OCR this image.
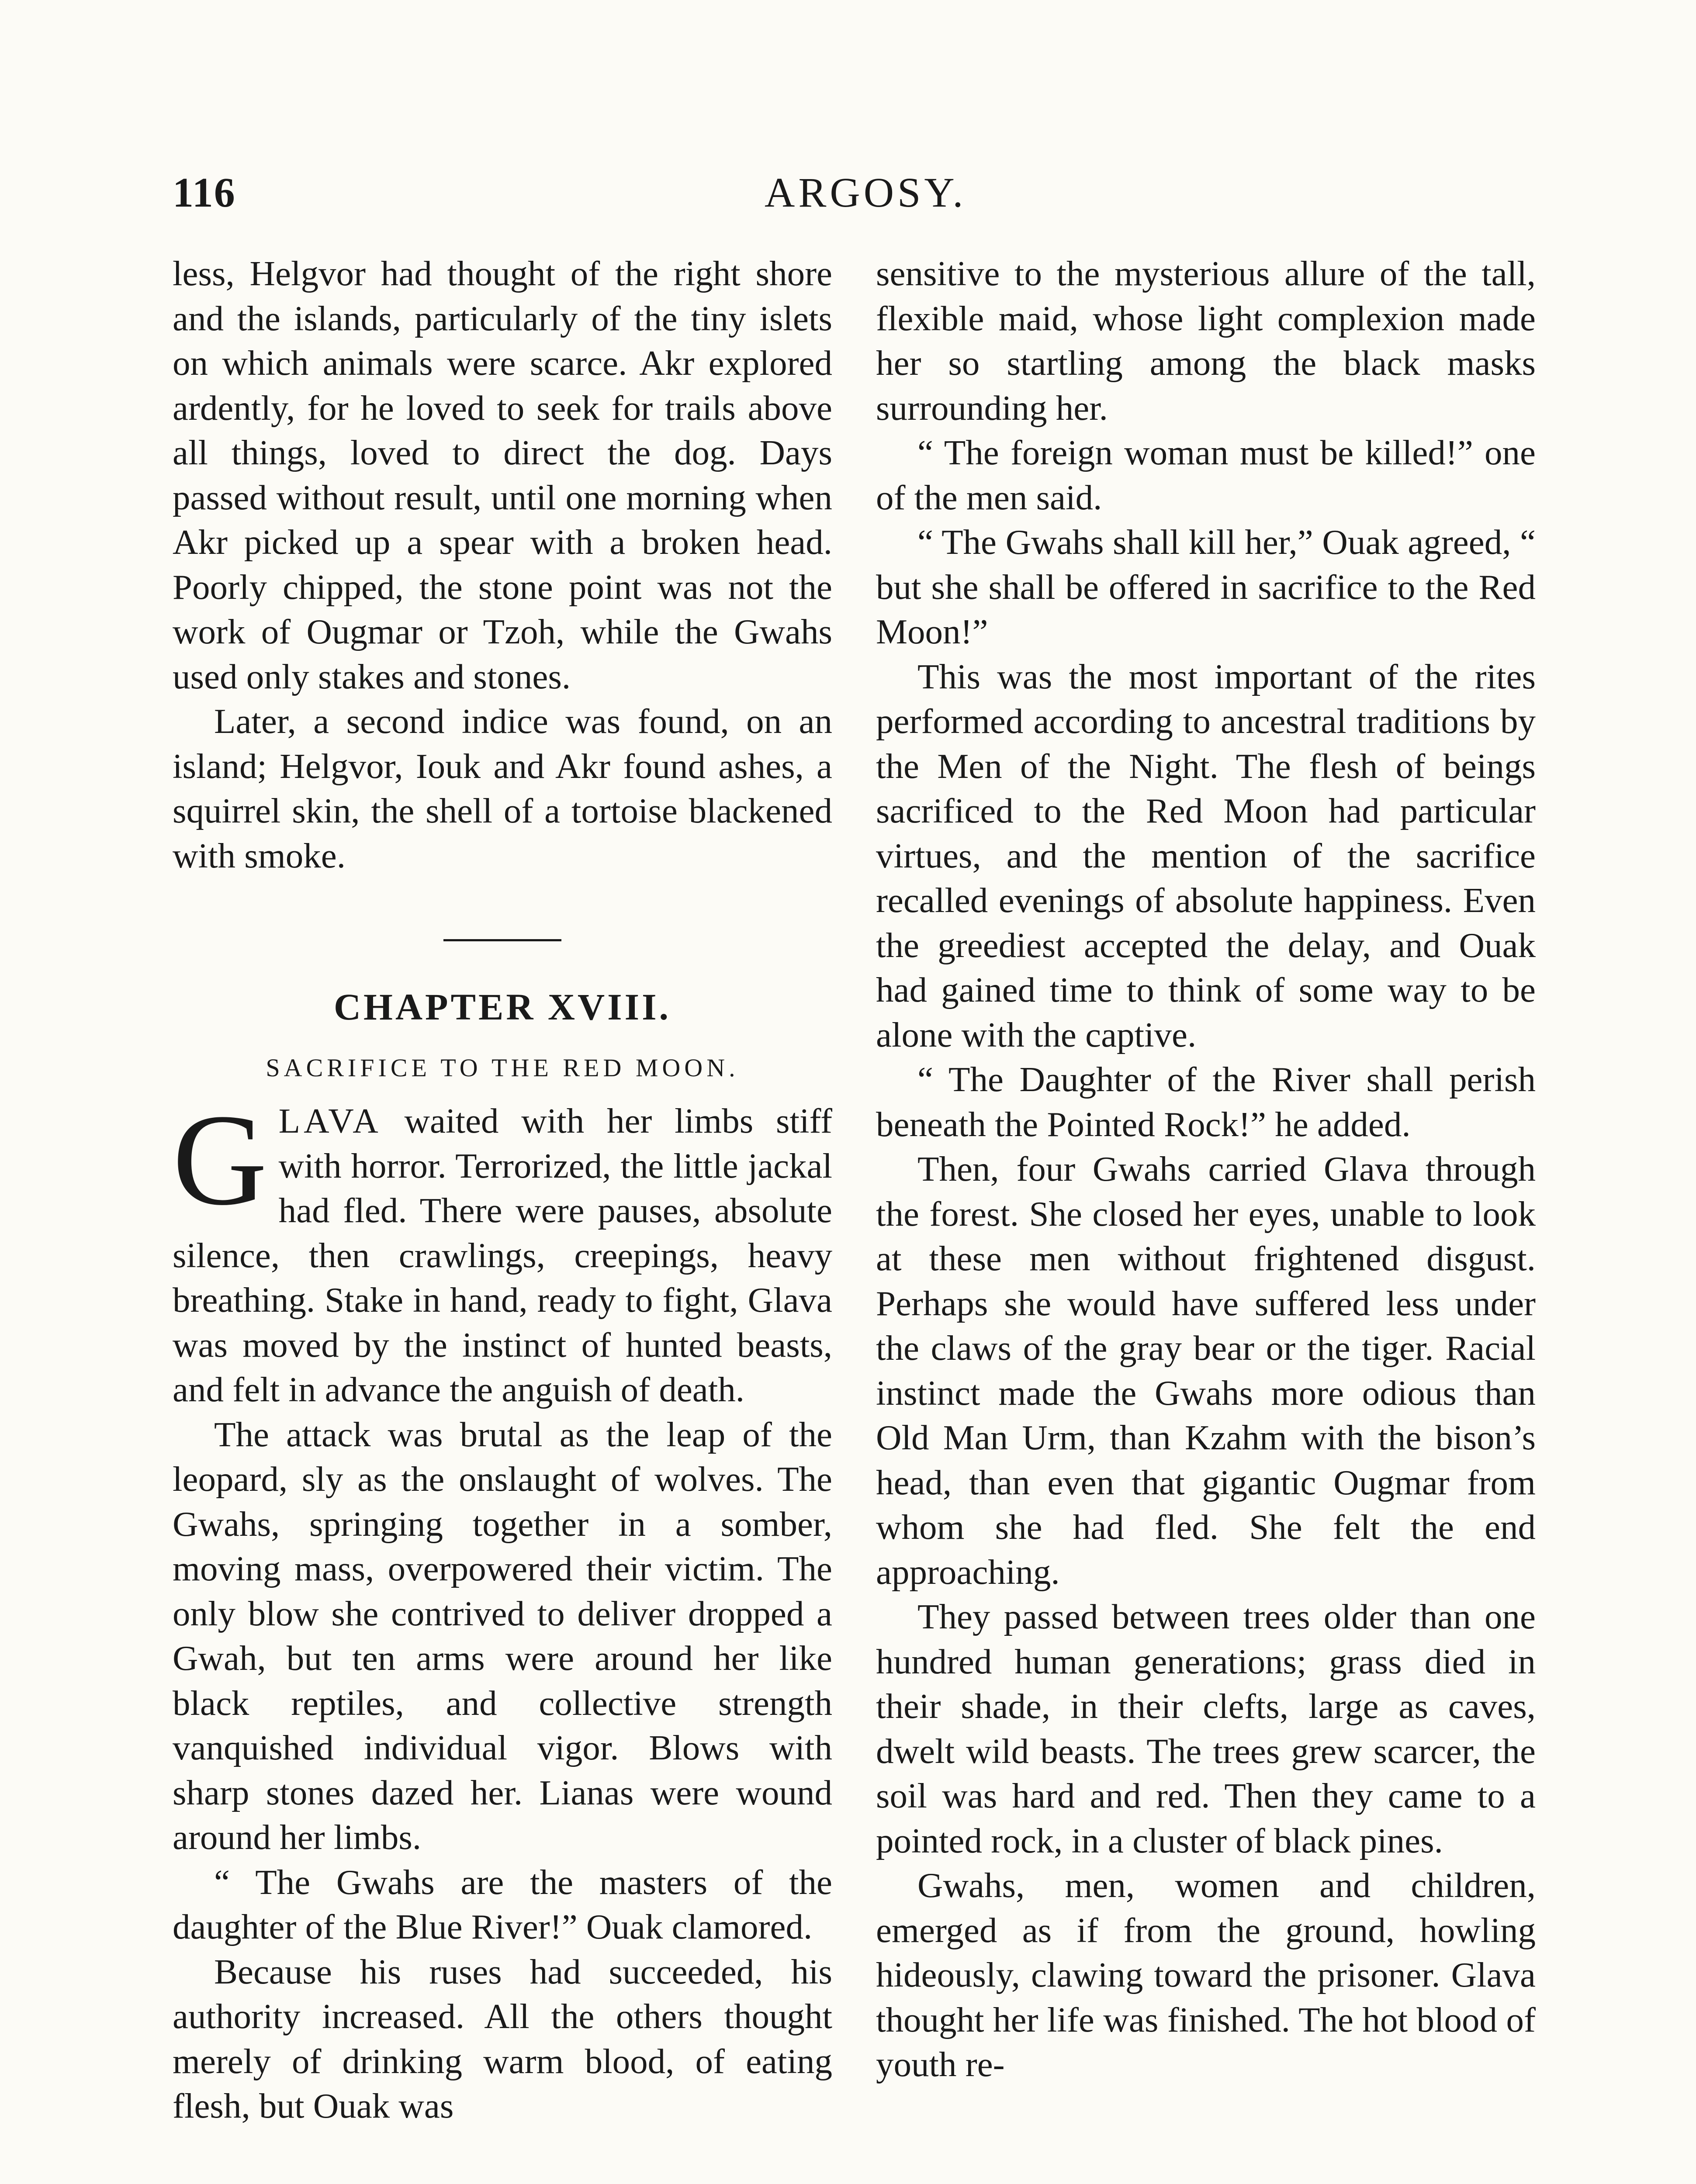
116	ARGOSY.

less, Helgvor had thought of the right shore and the islands, particularly of the tiny islets on which animals were scarce. Akr explored ardently, for he loved to seek for trails above all things, loved to direct the dog. Days passed without result, until one morning when Akr picked up a spear with a broken head. Poorly chipped, the stone point was not the work of Ougmar or Tzoh, while the Gwahs used only stakes and stones.

Later, a second indice was found, on an island; Helgvor, Iouk and Akr found ashes, a squirrel skin, the shell of a tortoise blackened with smoke.

CHAPTER XVIII.
SACRIFICE TO THE RED MOON.

GLAVA waited with her limbs stiff with horror. Terrorized, the little jackal had fled. There were pauses, absolute silence, then crawlings, creepings, heavy breathing. Stake in hand, ready to fight, Glava was moved by the instinct of hunted beasts, and felt in advance the anguish of death.

The attack was brutal as the leap of the leopard, sly as the onslaught of wolves. The Gwahs, springing together in a somber, moving mass, overpowered their victim. The only blow she contrived to deliver dropped a Gwah, but ten arms were around her like black reptiles, and collective strength vanquished individual vigor. Blows with sharp stones dazed her. Lianas were wound around her limbs.

“ The Gwahs are the masters of the daughter of the Blue River!” Ouak clamored.

Because his ruses had succeeded, his authority increased. All the others thought merely of drinking warm blood, of eating flesh, but Ouak was

sensitive to the mysterious allure of the tall, flexible maid, whose light complexion made her so startling among the black masks surrounding her.

“ The foreign woman must be killed!” one of the men said.

“ The Gwahs shall kill her,” Ouak agreed, “ but she shall be offered in sacrifice to the Red Moon!”

This was the most important of the rites performed according to ancestral traditions by the Men of the Night. The flesh of beings sacrificed to the Red Moon had particular virtues, and the mention of the sacrifice recalled evenings of absolute happiness. Even the greediest accepted the delay, and Ouak had gained time to think of some way to be alone with the captive.

“ The Daughter of the River shall perish beneath the Pointed Rock!” he added.

Then, four Gwahs carried Glava through the forest. She closed her eyes, unable to look at these men without frightened disgust. Perhaps she would have suffered less under the claws of the gray bear or the tiger. Racial instinct made the Gwahs more odious than Old Man Urm, than Kzahm with the bison’s head, than even that gigantic Ougmar from whom she had fled. She felt the end approaching.

They passed between trees older than one hundred human generations; grass died in their shade, in their clefts, large as caves, dwelt wild beasts. The trees grew scarcer, the soil was hard and red. Then they came to a pointed rock, in a cluster of black pines.

Gwahs, men, women and children, emerged as if from the ground, howling hideously, clawing toward the prisoner. Glava thought her life was finished. The hot blood of youth re-
